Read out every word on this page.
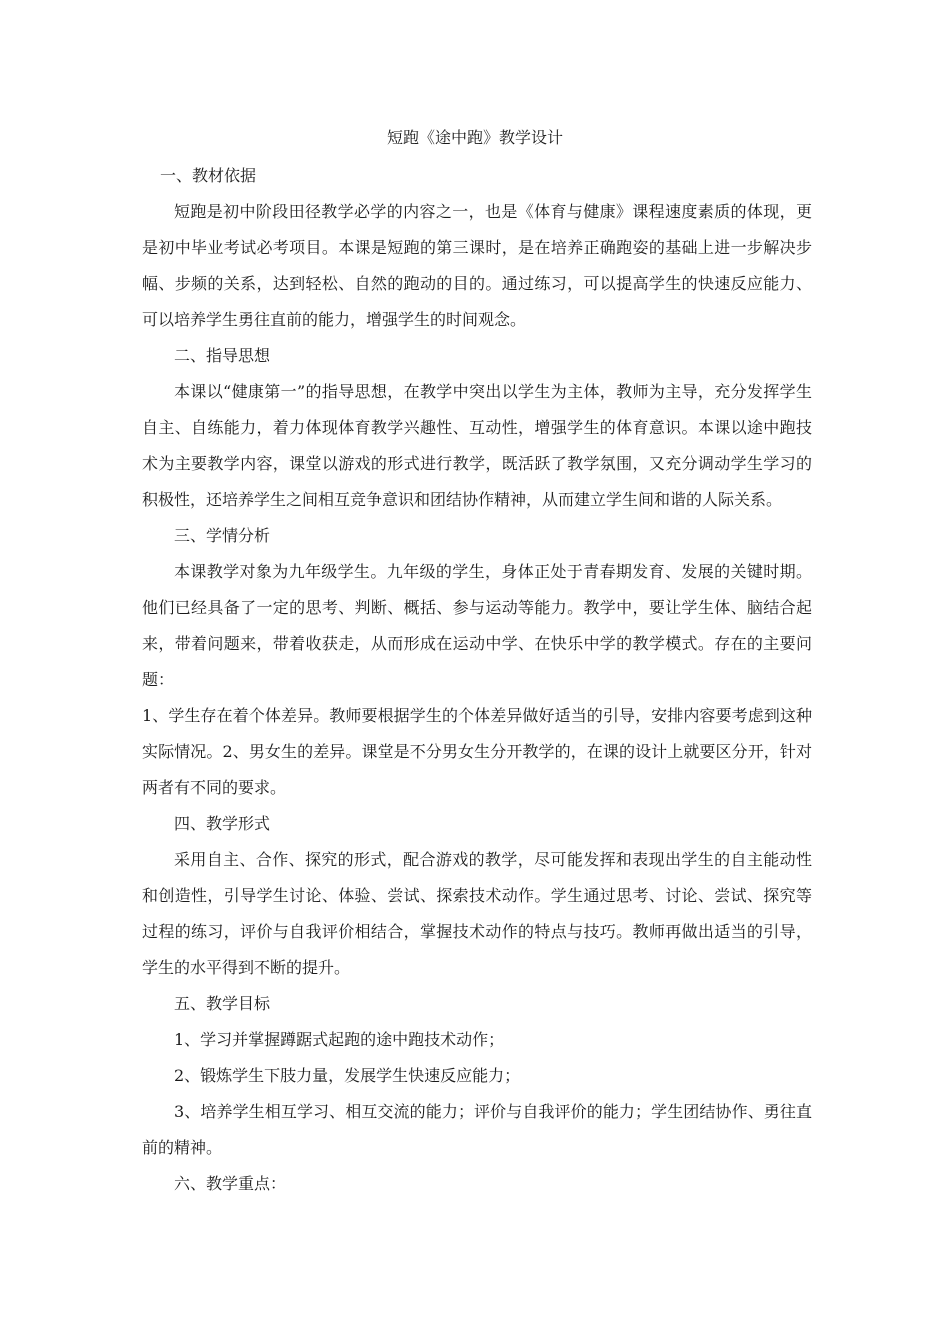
短跑《途中跑》教学设计

一、教材依据

短跑是初中阶段田径教学必学的内容之一，也是《体育与健康》课程速度素质的体现，更是初中毕业考试必考项目。本课是短跑的第三课时，是在培养正确跑姿的基础上进一步解决步幅、步频的关系，达到轻松、自然的跑动的目的。通过练习，可以提高学生的快速反应能力、可以培养学生勇往直前的能力，增强学生的时间观念。

二、指导思想

本课以“健康第一”的指导思想，在教学中突出以学生为主体，教师为主导，充分发挥学生自主、自练能力，着力体现体育教学兴趣性、互动性，增强学生的体育意识。本课以途中跑技术为主要教学内容，课堂以游戏的形式进行教学，既活跃了教学氛围，又充分调动学生学习的积极性，还培养学生之间相互竞争意识和团结协作精神，从而建立学生间和谐的人际关系。

三、学情分析

本课教学对象为九年级学生。九年级的学生，身体正处于青春期发育、发展的关键时期。他们已经具备了一定的思考、判断、概括、参与运动等能力。教学中，要让学生体、脑结合起来，带着问题来，带着收获走，从而形成在运动中学、在快乐中学的教学模式。存在的主要问题：

1、学生存在着个体差异。教师要根据学生的个体差异做好适当的引导，安排内容要考虑到这种实际情况。2、男女生的差异。课堂是不分男女生分开教学的，在课的设计上就要区分开，针对两者有不同的要求。

四、教学形式

采用自主、合作、探究的形式，配合游戏的教学，尽可能发挥和表现出学生的自主能动性和创造性，引导学生讨论、体验、尝试、探索技术动作。学生通过思考、讨论、尝试、探究等过程的练习，评价与自我评价相结合，掌握技术动作的特点与技巧。教师再做出适当的引导，学生的水平得到不断的提升。

五、教学目标

1、学习并掌握蹲踞式起跑的途中跑技术动作；

2、锻炼学生下肢力量，发展学生快速反应能力；

3、培养学生相互学习、相互交流的能力；评价与自我评价的能力；学生团结协作、勇往直前的精神。

六、教学重点：
